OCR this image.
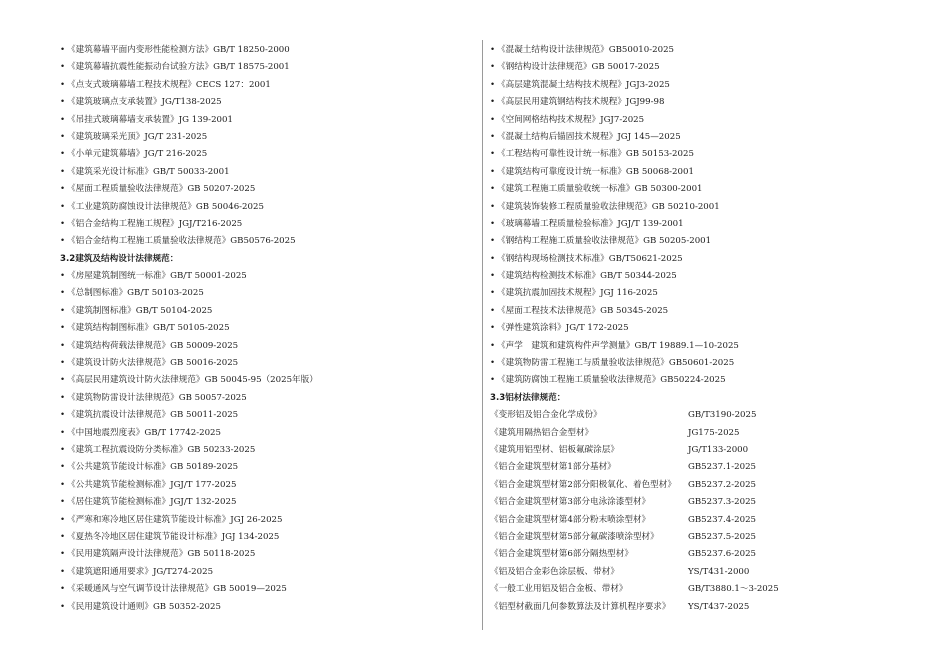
• 《建筑幕墙平面内变形性能检测方法》GB/T 18250-2000
• 《建筑幕墙抗震性能振动台试验方法》GB/T 18575-2001
• 《点支式玻璃幕墙工程技术规程》CECS 127：2001
• 《建筑玻璃点支承装置》JG/T138-2025
• 《吊挂式玻璃幕墙支承装置》JG 139-2001
• 《建筑玻璃采光顶》JG/T 231-2025
• 《小单元建筑幕墙》JG/T 216-2025
• 《建筑采光设计标准》GB/T 50033-2001
• 《屋面工程质量验收法律规范》GB 50207-2025
• 《工业建筑防腐蚀设计法律规范》GB 50046-2025
• 《铝合金结构工程施工规程》JGJ/T216-2025
• 《铝合金结构工程施工质量验收法律规范》GB50576-2025
3.2建筑及结构设计法律规范：
• 《房屋建筑制图统一标准》GB/T 50001-2025
• 《总制图标准》GB/T 50103-2025
• 《建筑制图标准》GB/T 50104-2025
• 《建筑结构制图标准》GB/T 50105-2025
• 《建筑结构荷载法律规范》GB 50009-2025
• 《建筑设计防火法律规范》GB 50016-2025
• 《高层民用建筑设计防火法律规范》GB 50045-95（2025年版）
• 《建筑物防雷设计法律规范》GB 50057-2025
• 《建筑抗震设计法律规范》GB 50011-2025
• 《中国地震烈度表》GB/T 17742-2025
• 《建筑工程抗震设防分类标准》GB 50233-2025
• 《公共建筑节能设计标准》GB 50189-2025
• 《公共建筑节能检测标准》JGJ/T 177-2025
• 《居住建筑节能检测标准》JGJ/T 132-2025
• 《严寒和寒冷地区居住建筑节能设计标准》JGJ 26-2025
• 《夏热冬冷地区居住建筑节能设计标准》JGJ 134-2025
• 《民用建筑隔声设计法律规范》GB 50118-2025
• 《建筑遮阳通用要求》JG/T274-2025
• 《采暖通风与空气调节设计法律规范》GB 50019—2025
• 《民用建筑设计通则》GB 50352-2025
• 《混凝土结构设计法律规范》GB50010-2025
• 《钢结构设计法律规范》GB 50017-2025
• 《高层建筑混凝土结构技术规程》JGJ3-2025
• 《高层民用建筑钢结构技术规程》JGJ99-98
• 《空间网格结构技术规程》JGJ7-2025
• 《混凝土结构后锚固技术规程》JGJ 145—2025
• 《工程结构可靠性设计统一标准》GB 50153-2025
• 《建筑结构可靠度设计统一标准》GB 50068-2001
• 《建筑工程施工质量验收统一标准》GB 50300-2001
• 《建筑装饰装修工程质量验收法律规范》GB 50210-2001
• 《玻璃幕墙工程质量检验标准》JGJ/T 139-2001
• 《钢结构工程施工质量验收法律规范》GB 50205-2001
• 《钢结构现场检测技术标准》GB/T50621-2025
• 《建筑结构检测技术标准》GB/T 50344-2025
• 《建筑抗震加固技术规程》JGJ 116-2025
• 《屋面工程技术法律规范》GB 50345-2025
• 《弹性建筑涂料》JG/T 172-2025
• 《声学　建筑和建筑构件声学测量》GB/T 19889.1—10-2025
• 《建筑物防雷工程施工与质量验收法律规范》GB50601-2025
• 《建筑防腐蚀工程施工质量验收法律规范》GB50224-2025
3.3铝材法律规范：
《变形铝及铝合金化学成份》	GB/T3190-2025
《建筑用隔热铝合金型材》	JG175-2025
《建筑用铝型材、铝板氟碳涂层》	JG/T133-2000
《铝合金建筑型材第1部分基材》	GB5237.1-2025
《铝合金建筑型材第2部分阳极氧化、着色型材》	GB5237.2-2025
《铝合金建筑型材第3部分电泳涂漆型材》	GB5237.3-2025
《铝合金建筑型材第4部分粉末喷涂型材》	GB5237.4-2025
《铝合金建筑型材第5部分氟碳漆喷涂型材》	GB5237.5-2025
《铝合金建筑型材第6部分隔热型材》	GB5237.6-2025
《铝及铝合金彩色涂层板、带材》	YS/T431-2000
《一般工业用铝及铝合金板、带材》	GB/T3880.1～3-2025
《铝型材截面几何参数算法及计算机程序要求》	YS/T437-2025
